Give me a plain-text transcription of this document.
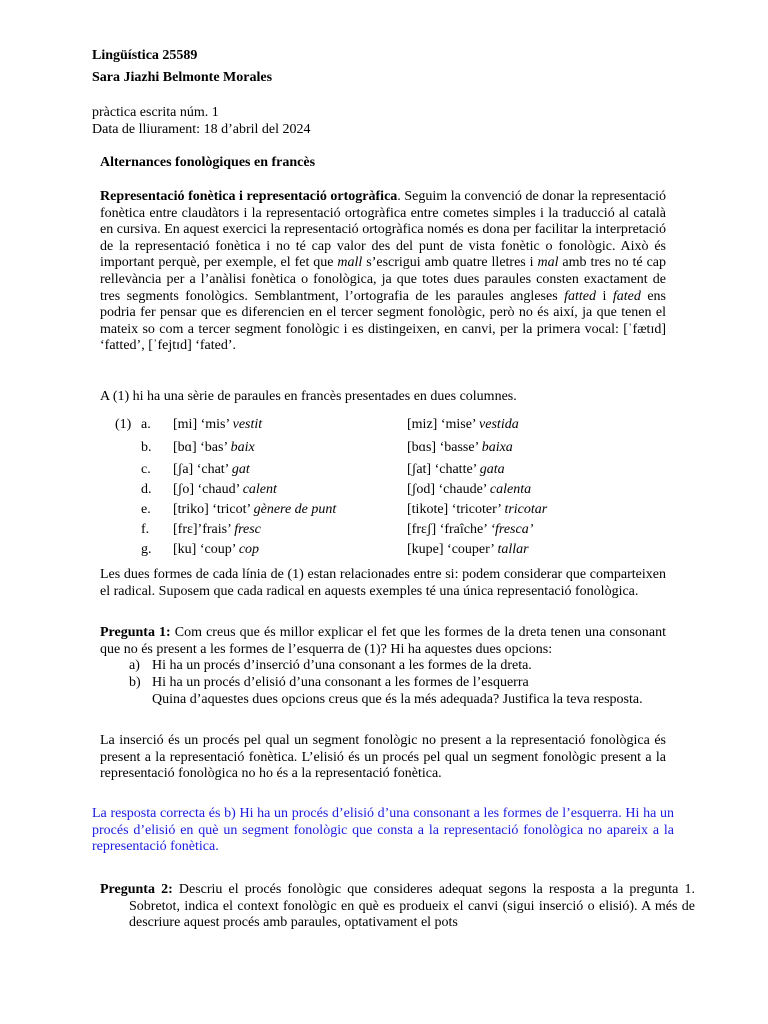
Lingüística 25589
Sara Jiazhi Belmonte Morales
pràctica escrita núm. 1
Data de lliurament: 18 d’abril del 2024
Alternances fonològiques en francès
Representació fonètica i representació ortogràfica. Seguim la convenció de donar la representació fonètica entre claudàtors i la representació ortogràfica entre cometes simples i la traducció al català en cursiva. En aquest exercici la representació ortogràfica només es dona per facilitar la interpretació de la representació fonètica i no té cap valor des del punt de vista fonètic o fonològic. Això és important perquè, per exemple, el fet que mall s’escrigui amb quatre lletres i mal amb tres no té cap rellevància per a l’anàlisi fonètica o fonològica, ja que totes dues paraules consten exactament de tres segments fonològics. Semblantment, l’ortografia de les paraules angleses fatted i fated ens podria fer pensar que es diferencien en el tercer segment fonològic, però no és així, ja que tenen el mateix so com a tercer segment fonològic i es distingeixen, en canvi, per la primera vocal: [ˈfætɪd] ‘fatted’, [ˈfejtɪd] ‘fated’.
A (1) hi ha una sèrie de paraules en francès presentades en dues columnes.
(1) a. [mi] ‘mis’ vestit	[miz] ‘mise’ vestida
b. [bɑ] ‘bas’ baix	[bɑs] ‘basse’ baixa
c. [ʃa] ‘chat’ gat	[ʃat] ‘chatte’ gata
d. [ʃo] ‘chaud’ calent	[ʃod] ‘chaude’ calenta
e. [triko] ‘tricot’ gènere de punt	[tikote] ‘tricoter’ tricotar
f. [frɛ]’frais’ fresc	[frɛʃ] ‘fraîche’ ‘fresca’
g. [ku] ‘coup’ cop	[kupe] ‘couper’ tallar
Les dues formes de cada línia de (1) estan relacionades entre si: podem considerar que comparteixen el radical. Suposem que cada radical en aquests exemples té una única representació fonològica.
Pregunta 1: Com creus que és millor explicar el fet que les formes de la dreta tenen una consonant que no és present a les formes de l’esquerra de (1)? Hi ha aquestes dues opcions:
a) Hi ha un procés d’inserció d’una consonant a les formes de la dreta.
b) Hi ha un procés d’elisió d’una consonant a les formes de l’esquerra
Quina d’aquestes dues opcions creus que és la més adequada? Justifica la teva resposta.
La inserció és un procés pel qual un segment fonològic no present a la representació fonològica és present a la representació fonètica. L’elisió és un procés pel qual un segment fonològic present a la representació fonològica no ho és a la representació fonètica.
La resposta correcta és b) Hi ha un procés d’elisió d’una consonant a les formes de l’esquerra. Hi ha un procés d’elisió en què un segment fonològic que consta a la representació fonològica no apareix a la representació fonètica.
Pregunta 2: Descriu el procés fonològic que consideres adequat segons la resposta a la pregunta 1. Sobretot, indica el context fonològic en què es produeix el canvi (sigui inserció o elisió). A més de descriure aquest procés amb paraules, optativament el pots
